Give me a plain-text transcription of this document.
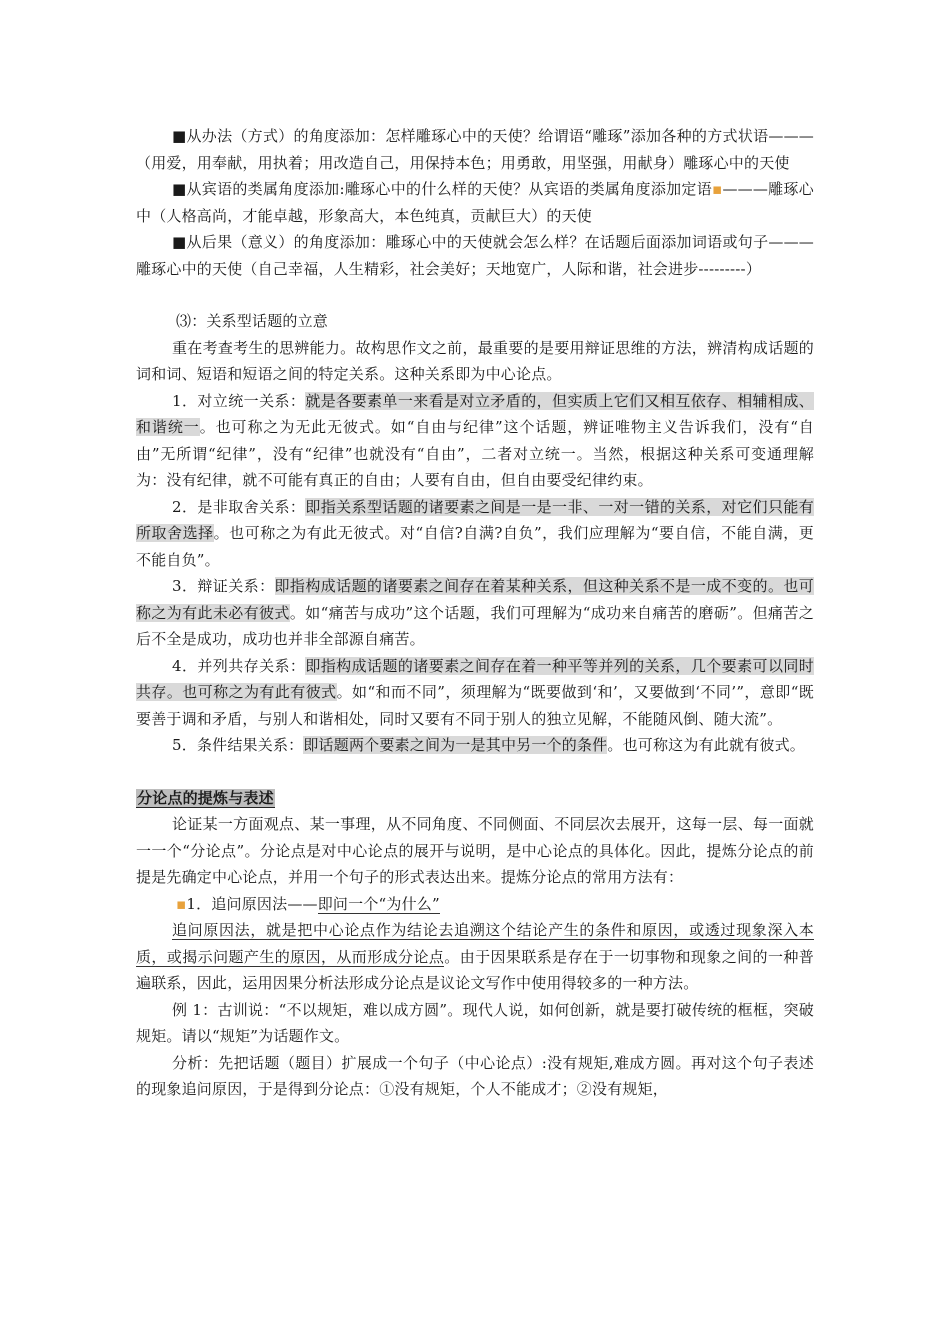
■从办法（方式）的角度添加：怎样雕琢心中的天使？给谓语“雕琢”添加各种的方式状语———（用爱，用奉献，用执着；用改造自己，用保持本色；用勇敢，用坚强，用献身）雕琢心中的天使

■从宾语的类属角度添加:雕琢心中的什么样的天使？从宾语的类属角度添加定语▪———雕琢心中（人格高尚，才能卓越，形象高大，本色纯真，贡献巨大）的天使

■从后果（意义）的角度添加：雕琢心中的天使就会怎么样？在话题后面添加词语或句子———雕琢心中的天使（自己幸福，人生精彩，社会美好；天地宽广，人际和谐，社会进步---------）

⑶：关系型话题的立意

重在考查考生的思辨能力。故构思作文之前，最重要的是要用辩证思维的方法，辨清构成话题的词和词、短语和短语之间的特定关系。这种关系即为中心论点。

1．对立统一关系：就是各要素单一来看是对立矛盾的，但实质上它们又相互依存、相辅相成、和谐统一。也可称之为无此无彼式。如“自由与纪律”这个话题，辨证唯物主义告诉我们，没有“自由”无所谓“纪律”，没有“纪律”也就没有“自由”，二者对立统一。当然，根据这种关系可变通理解为：没有纪律，就不可能有真正的自由；人要有自由，但自由要受纪律约束。

2．是非取舍关系：即指关系型话题的诸要素之间是一是一非、一对一错的关系，对它们只能有所取舍选择。也可称之为有此无彼式。对“自信?自满?自负”，我们应理解为“要自信，不能自满，更不能自负”。

3．辩证关系：即指构成话题的诸要素之间存在着某种关系，但这种关系不是一成不变的。也可称之为有此未必有彼式。如“痛苦与成功”这个话题，我们可理解为“成功来自痛苦的磨砺”。但痛苦之后不全是成功，成功也并非全部源自痛苦。

4．并列共存关系：即指构成话题的诸要素之间存在着一种平等并列的关系，几个要素可以同时共存。也可称之为有此有彼式。如“和而不同”，须理解为“既要做到‘和’，又要做到‘不同’”，意即“既要善于调和矛盾，与别人和谐相处，同时又要有不同于别人的独立见解，不能随风倒、随大流”。

5．条件结果关系：即话题两个要素之间为一是其中另一个的条件。也可称这为有此就有彼式。

分论点的提炼与表述

论证某一方面观点、某一事理，从不同角度、不同侧面、不同层次去展开，这每一层、每一面就一一个“分论点”。分论点是对中心论点的展开与说明，是中心论点的具体化。因此，提炼分论点的前提是先确定中心论点，并用一个句子的形式表达出来。提炼分论点的常用方法有：

▪1．追问原因法——即问一个“为什么”

追问原因法，就是把中心论点作为结论去追溯这个结论产生的条件和原因，或透过现象深入本质，或揭示问题产生的原因，从而形成分论点。由于因果联系是存在于一切事物和现象之间的一种普遍联系，因此，运用因果分析法形成分论点是议论文写作中使用得较多的一种方法。

例 1：古训说：“不以规矩，难以成方圆”。现代人说，如何创新，就是要打破传统的框框，突破规矩。请以“规矩”为话题作文。

分析：先把话题（题目）扩展成一个句子（中心论点）:没有规矩,难成方圆。再对这个句子表述的现象追问原因，于是得到分论点：①没有规矩，个人不能成才；②没有规矩，
